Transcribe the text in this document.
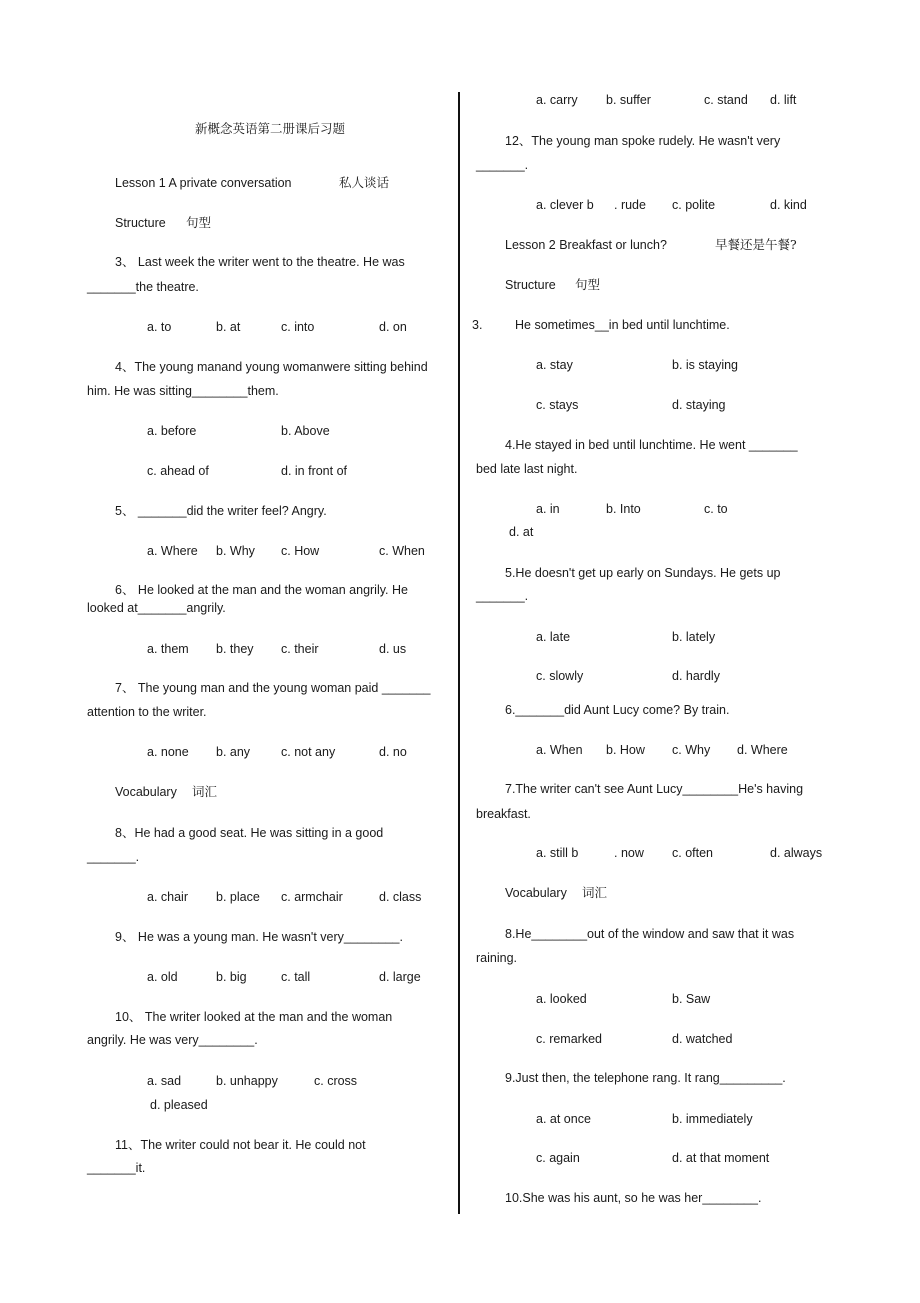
新概念英语第二册课后习题
Lesson 1 A private conversation	私人谈话
Structure 句型
3、 Last week the writer went to the theatre. He was
_______the theatre.
a. to	b. at	c. into	d. on
4、The young manand young womanwere sitting behind
him. He was sitting________them.
a. before	b. Above
c. ahead of	d. in front of
5、 _______did the writer feel? Angry.
a. Where b. Why c. How	c. When
6、 He looked at the man and the woman angrily. He
looked at_______angrily.
a. them b. they c. their	d. us
7、 The young man and the young woman paid _______
attention to the writer.
a. none b. any c. not any	d. no
Vocabulary 词汇
8、He had a good seat. He was sitting in a good
_______.
a. chair b. place c. armchair	d. class
9、 He was a young man. He wasn't very________.
a. old	b. big	c. tall	d. large
10、 The writer looked at the man and the woman
angrily. He was very________.
a. sad	b. unhappy	c. cross
d. pleased
11、The writer could not bear it. He could not
_______it.
a. carry b. suffer	c. stand d. lift
12、The young man spoke rudely. He wasn't very
_______.
a. clever b . rude c. polite	d. kind
Lesson 2 Breakfast or lunch?	早餐还是午餐?
Structure 句型
3.	He sometimes__in bed until lunchtime.
a. stay	b. is staying
c. stays	d. staying
4.He stayed in bed until lunchtime. He went _______
bed late last night.
a. in	b. Into	c. to
d. at
5.He doesn't get up early on Sundays. He gets up
_______.
a. late	b. lately
c. slowly	d. hardly
6._______did Aunt Lucy come? By train.
a. When b. How c. Why d. Where
7.The writer can't see Aunt Lucy________He's having
breakfast.
a. still b	. now c. often	d. always
Vocabulary 词汇
8.He________out of the window and saw that it was
raining.
a. looked	b. Saw
c. remarked	d. watched
9.Just then, the telephone rang. It rang_________.
a. at once	b. immediately
c. again	d. at that moment
10.She was his aunt, so he was her________.
